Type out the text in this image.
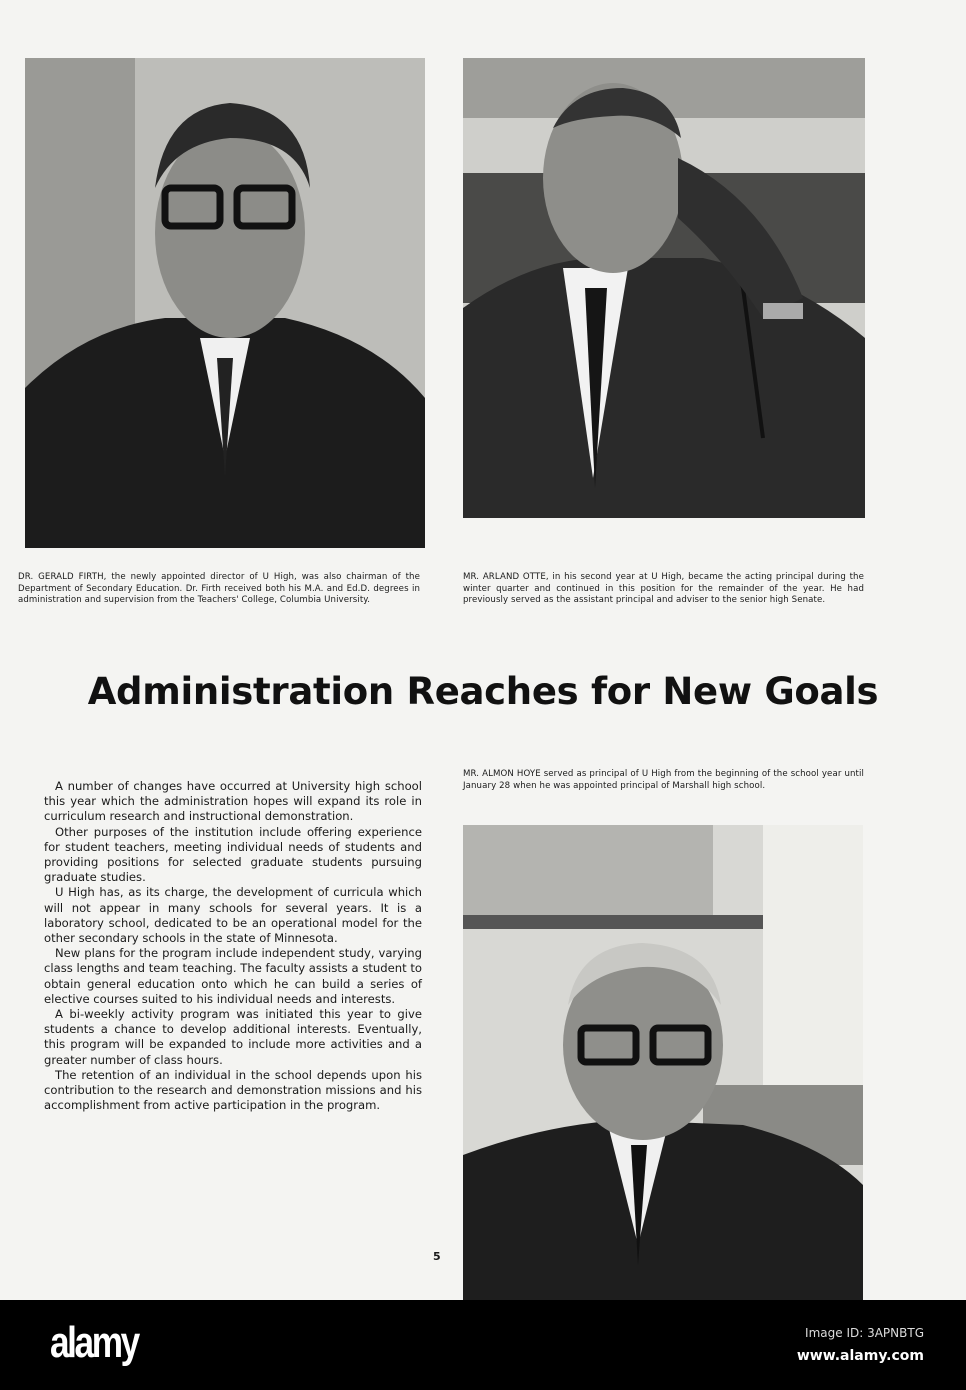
DR. GERALD FIRTH, the newly appointed director of U High, was also chairman of the Department of Secondary Education. Dr. Firth received both his M.A. and Ed.D. degrees in administration and supervision from the Teachers' College, Columbia University.
MR. ARLAND OTTE, in his second year at U High, became the acting principal during the winter quarter and continued in this position for the remainder of the year. He had previously served as the assistant principal and adviser to the senior high Senate.
Administration Reaches for New Goals

A number of changes have occurred at University high school this year which the administration hopes will expand its role in curriculum research and instructional demonstration.

Other purposes of the institution include offering experience for student teachers, meeting individual needs of students and providing positions for selected graduate students pursuing graduate studies.

U High has, as its charge, the development of curricula which will not appear in many schools for several years. It is a laboratory school, dedicated to be an operational model for the other secondary schools in the state of Minnesota.

New plans for the program include independent study, varying class lengths and team teaching. The faculty assists a student to obtain general education onto which he can build a series of elective courses suited to his individual needs and interests.

A bi-weekly activity program was initiated this year to give students a chance to develop additional interests. Eventually, this program will be expanded to include more activities and a greater number of class hours.

The retention of an individual in the school depends upon his contribution to the research and demonstration missions and his accomplishment from active participation in the program.

MR. ALMON HOYE served as principal of U High from the beginning of the school year until January 28 when he was appointed principal of Marshall high school.
5
alamy	Image ID: 3APNBTG
www.alamy.com
